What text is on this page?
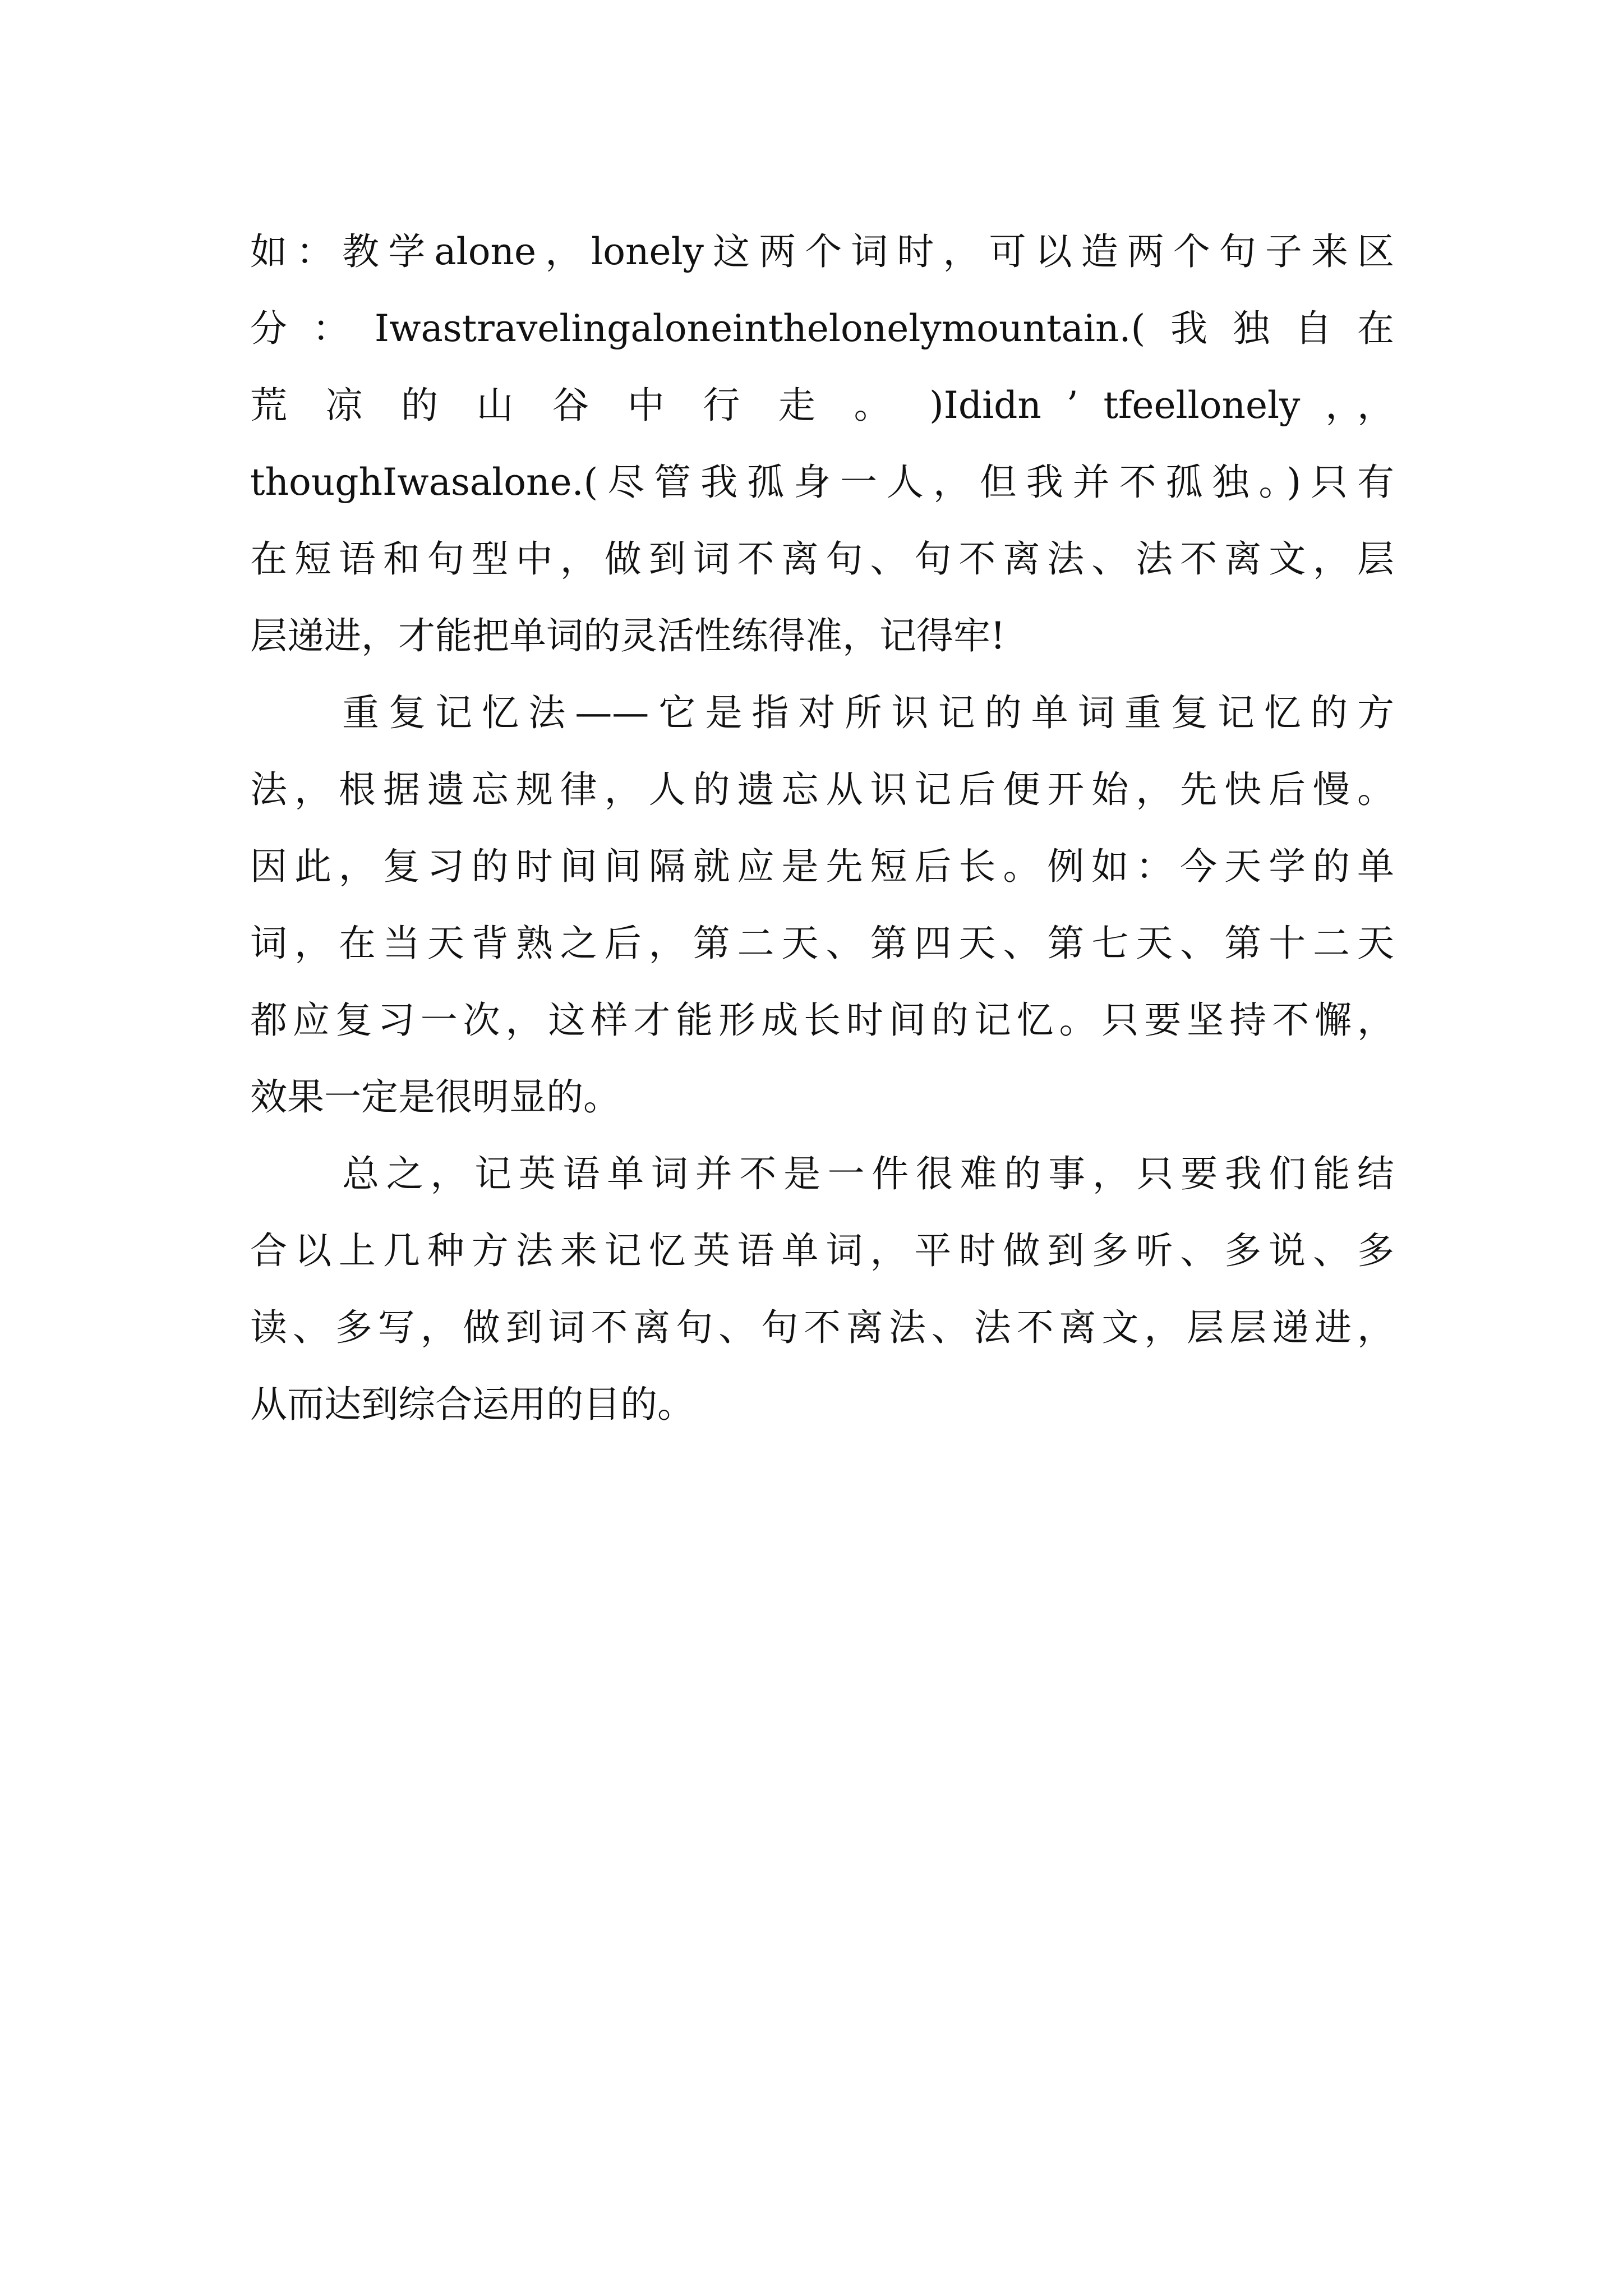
如：教学alone，lonely这两个词时，可以造两个句子来区
分：Iwastravelingaloneinthelonelymountain.(我独自在
荒 凉 的 山 谷 中 行 走 。 )Ididn ’ tfeellonely ，，
thoughIwasalone.(尽管我孤身一人，但我并不孤独。)只有
在短语和句型中，做到词不离句、句不离法、法不离文，层
层递进，才能把单词的灵活性练得准，记得牢!
重复记忆法——它是指对所识记的单词重复记忆的方
法，根据遗忘规律，人的遗忘从识记后便开始，先快后慢。
因此，复习的时间间隔就应是先短后长。例如：今天学的单
词，在当天背熟之后，第二天、第四天、第七天、第十二天
都应复习一次，这样才能形成长时间的记忆。只要坚持不懈，
效果一定是很明显的。
总之，记英语单词并不是一件很难的事，只要我们能结
合以上几种方法来记忆英语单词，平时做到多听、多说、多
读、多写，做到词不离句、句不离法、法不离文，层层递进，
从而达到综合运用的目的。
